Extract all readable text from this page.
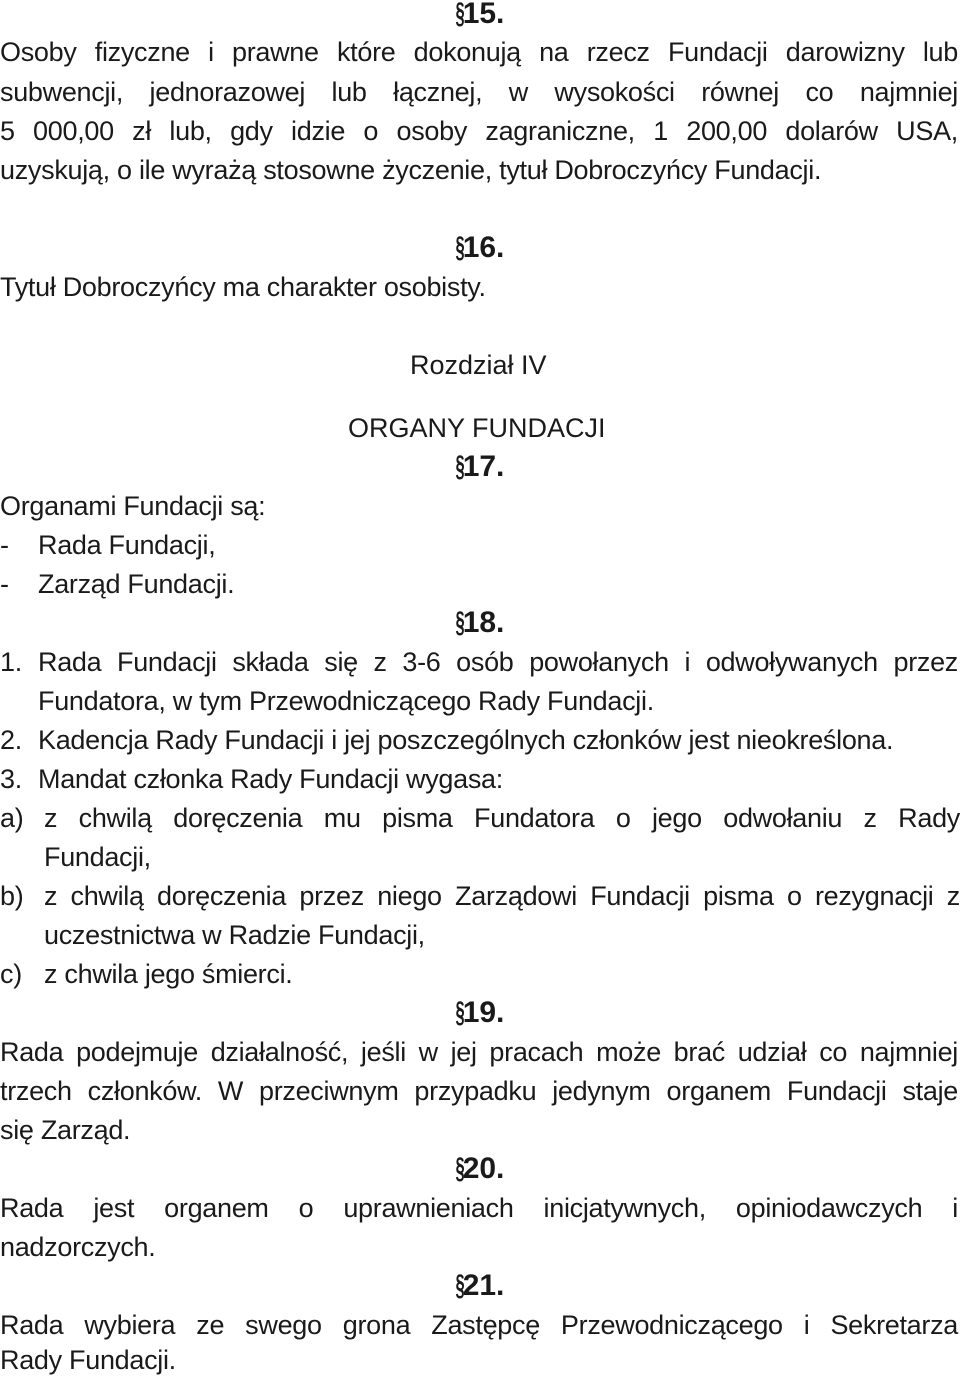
§15.
Osoby fizyczne i prawne które dokonują na rzecz Fundacji darowizny lub
subwencji, jednorazowej lub łącznej, w wysokości równej co najmniej
5 000,00 zł lub, gdy idzie o osoby zagraniczne, 1 200,00 dolarów USA,
uzyskują, o ile wyrażą stosowne życzenie, tytuł Dobroczyńcy Fundacji.
§16.
Tytuł Dobroczyńcy ma charakter osobisty.
Rozdział IV
ORGANY FUNDACJI
§17.
Organami Fundacji są:
- Rada Fundacji,
- Zarząd Fundacji.
§18.
1. Rada Fundacji składa się z 3-6 osób powołanych i odwoływanych przez
Fundatora, w tym Przewodniczącego Rady Fundacji.
2. Kadencja Rady Fundacji i jej poszczególnych członków jest nieokreślona.
3. Mandat członka Rady Fundacji wygasa:
a) z chwilą doręczenia mu pisma Fundatora o jego odwołaniu z Rady
Fundacji,
b) z chwilą doręczenia przez niego Zarządowi Fundacji pisma o rezygnacji z
uczestnictwa w Radzie Fundacji,
c) z chwila jego śmierci.
§19.
Rada podejmuje działalność, jeśli w jej pracach może brać udział co najmniej
trzech członków. W przeciwnym przypadku jedynym organem Fundacji staje
się Zarząd.
§20.
Rada jest organem o uprawnieniach inicjatywnych, opiniodawczych i
nadzorczych.
§21.
Rada wybiera ze swego grona Zastępcę Przewodniczącego i Sekretarza
Rady Fundacji.
